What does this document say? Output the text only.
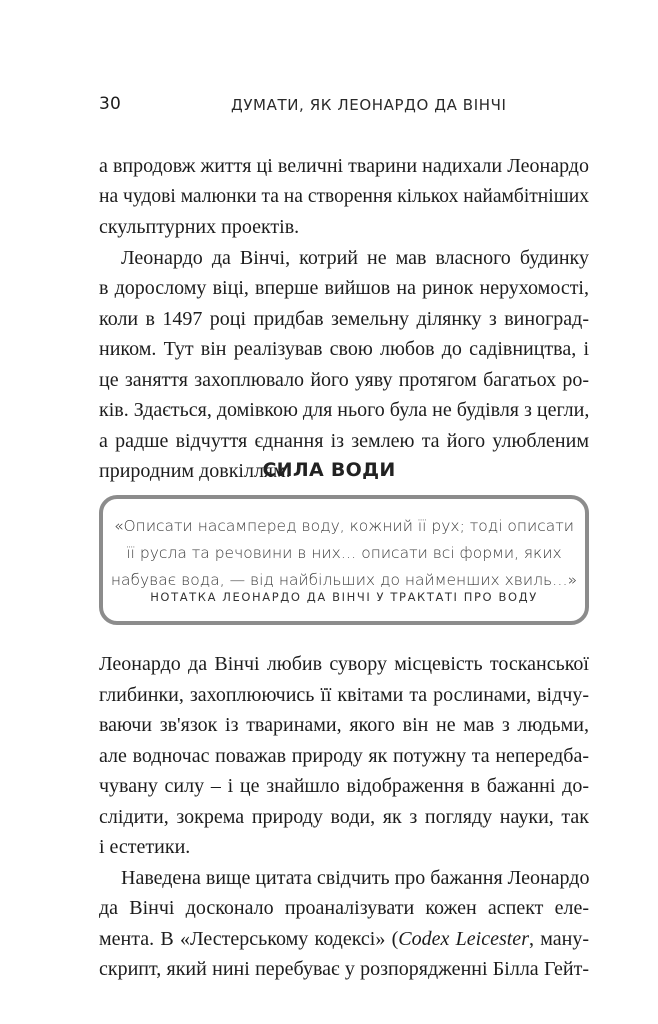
30	ДУМАТИ, ЯК ЛЕОНАРДО ДА ВІНЧІ

а впродовж життя ці величні тварини надихали Леонардо
на чудові малюнки та на створення кількох найамбітніших
скульптурних проектів.

Леонардо да Вінчі, котрий не мав власного будинку
в дорослому віці, вперше вийшов на ринок нерухомості,
коли в 1497 році придбав земельну ділянку з виноград-
ником. Тут він реалізував свою любов до садівництва, і
це заняття захоплювало його уяву протягом багатьох ро-
ків. Здається, домівкою для нього була не будівля з цегли,
а радше відчуття єднання із землею та його улюбленим
природним довкіллям.

СИЛА ВОДИ
«Описати насамперед воду, кожний її рух; тоді описати
її русла та речовини в них… описати всі форми, яких
набуває вода, — від найбільших до найменших хвиль…»
НОТАТКА ЛЕОНАРДО ДА ВІНЧІ У ТРАКТАТІ ПРО ВОДУ

Леонардо да Вінчі любив сувору місцевість тосканської
глибинки, захоплюючись її квітами та рослинами, відчу-
ваючи зв'язок із тваринами, якого він не мав з людьми,
але водночас поважав природу як потужну та непередба-
чувану силу – і це знайшло відображення в бажанні до-
слідити, зокрема природу води, як з погляду науки, так
і естетики.

Наведена вище цитата свідчить про бажання Леонардо
да Вінчі досконало проаналізувати кожен аспект еле-
мента. В «Лестерському кодексі» (Codex Leicester, ману-
скрипт, який нині перебуває у розпорядженні Білла Гейт-
